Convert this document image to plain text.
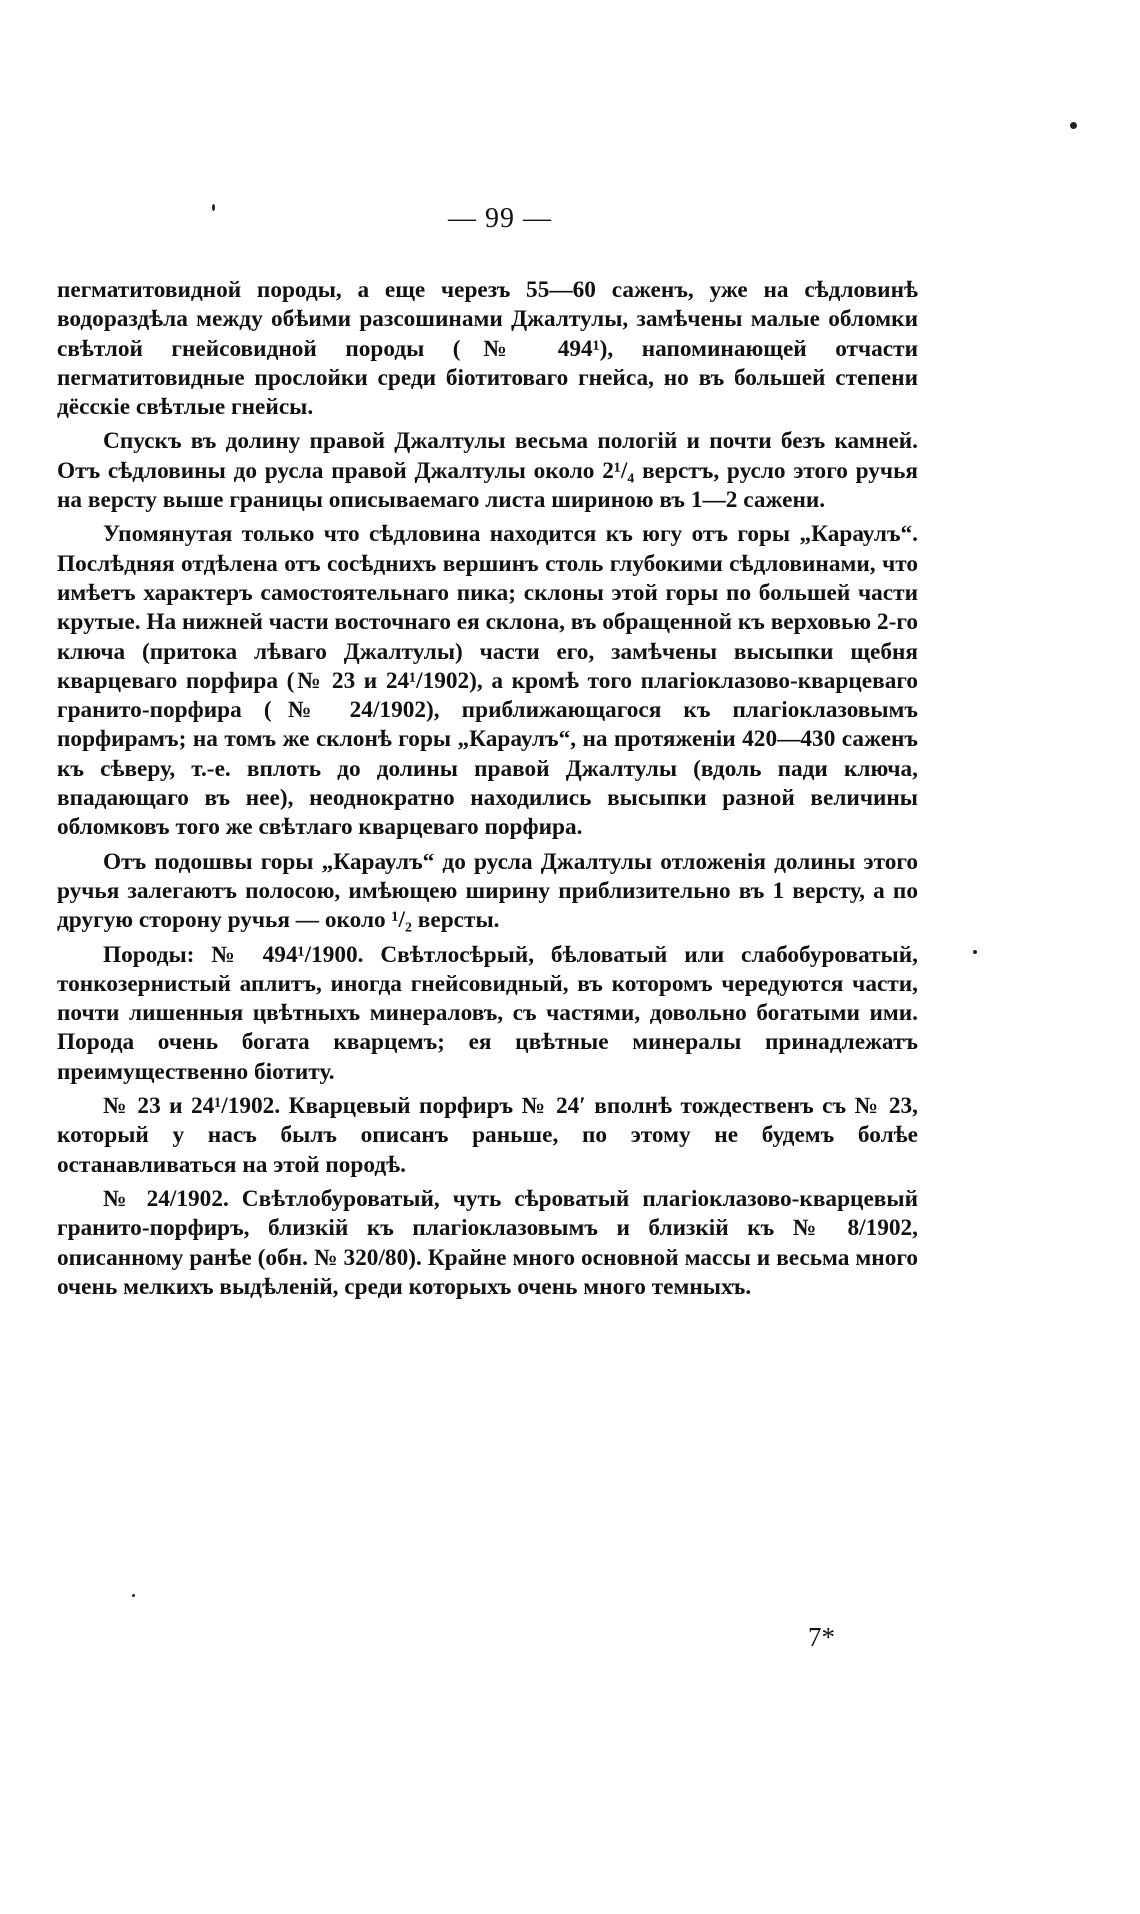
— 99 —

пегматитовидной породы, а еще черезъ 55—60 саженъ, уже на сѣдловинѣ водораздѣла между обѣими разсошинами Джалтулы, замѣчены малые обломки свѣтлой гнейсовидной породы (№ 494¹), напоминающей отчасти пегматитовидные прослойки среди біотитоваго гнейса, но въ большей степени дёсскіе свѣтлые гнейсы.

Спускъ въ долину правой Джалтулы весьма пологій и почти безъ камней. Отъ сѣдловины до русла правой Джалтулы около 2¹/₄ верстъ, русло этого ручья на версту выше границы описываемаго листа шириною въ 1—2 сажени.

Упомянутая только что сѣдловина находится къ югу отъ горы „Караулъ“. Послѣдняя отдѣлена отъ сосѣднихъ вершинъ столь глубокими сѣдловинами, что имѣетъ характеръ самостоятельнаго пика; склоны этой горы по большей части крутые. На нижней части восточнаго ея склона, въ обращенной къ верховью 2-го ключа (притока лѣваго Джалтулы) части его, замѣчены высыпки щебня кварцеваго порфира (№ 23 и 24¹/1902), а кромѣ того плагіоклазово-кварцеваго гранито-порфира (№ 24/1902), приближающагося къ плагіоклазовымъ порфирамъ; на томъ же склонѣ горы „Караулъ“, на протяженіи 420—430 саженъ къ сѣверу, т.-е. вплоть до долины правой Джалтулы (вдоль пади ключа, впадающаго въ нее), неоднократно находились высыпки разной величины обломковъ того же свѣтлаго кварцеваго порфира.

Отъ подошвы горы „Караулъ“ до русла Джалтулы отложенія долины этого ручья залегаютъ полосою, имѣющею ширину приблизительно въ 1 версту, а по другую сторону ручья — около ¹/₂ версты.

Породы: № 494¹/1900. Свѣтлосѣрый, бѣловатый или слабобуроватый, тонкозернистый аплитъ, иногда гнейсовидный, въ которомъ чередуются части, почти лишенныя цвѣтныхъ минераловъ, съ частями, довольно богатыми ими. Порода очень богата кварцемъ; ея цвѣтные минералы принадлежатъ преимущественно біотиту.

№ 23 и 24¹/1902. Кварцевый порфиръ № 24′ вполнѣ тождественъ съ № 23, который у насъ былъ описанъ раньше, по этому не будемъ болѣе останавливаться на этой породѣ.

№ 24/1902. Свѣтлобуроватый, чуть сѣроватый плагіоклазово-кварцевый гранито-порфиръ, близкій къ плагіоклазовымъ и близкій къ № 8/1902, описанному ранѣе (обн. № 320/80). Крайне много основной массы и весьма много очень мелкихъ выдѣленій, среди которыхъ очень много темныхъ.

7*
